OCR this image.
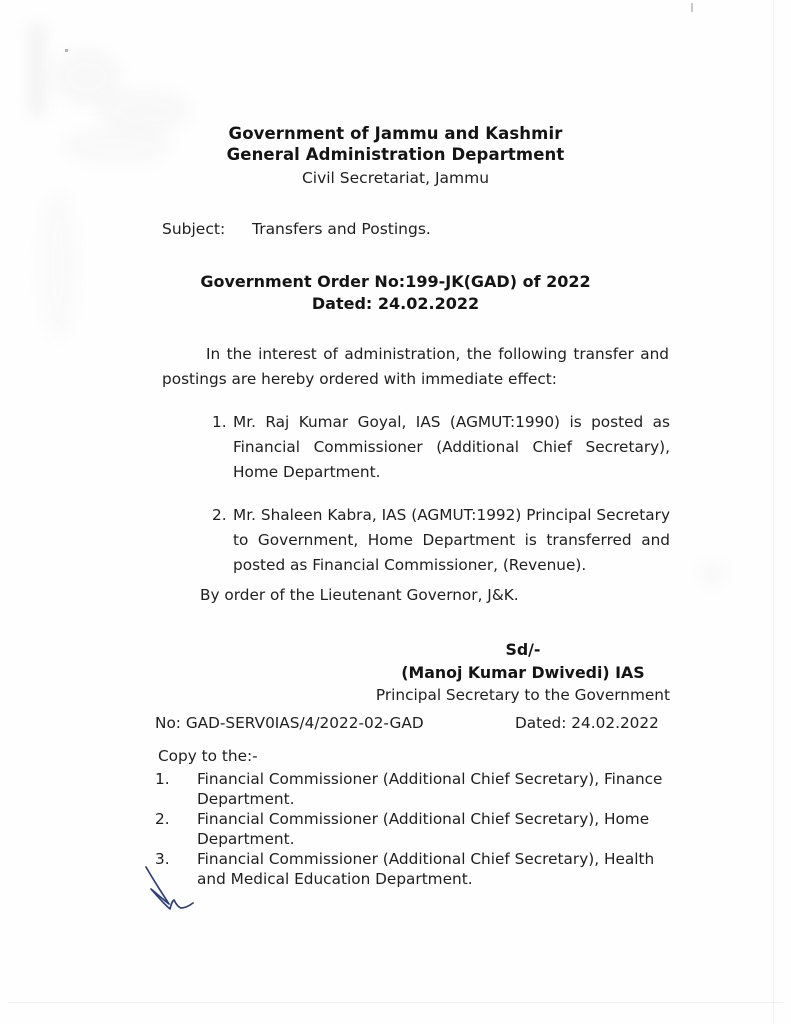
Government of Jammu and Kashmir
General Administration Department
Civil Secretariat, Jammu
Subject:	Transfers and Postings.
Government Order No:199-JK(GAD) of 2022
Dated: 24.02.2022
In the interest of administration, the following transfer and postings are hereby ordered with immediate effect:
1. Mr. Raj Kumar Goyal, IAS (AGMUT:1990) is posted as Financial Commissioner (Additional Chief Secretary), Home Department.
2. Mr. Shaleen Kabra, IAS (AGMUT:1992) Principal Secretary to Government, Home Department is transferred and posted as Financial Commissioner, (Revenue).
By order of the Lieutenant Governor, J&K.
Sd/-
(Manoj Kumar Dwivedi) IAS
Principal Secretary to the Government
No: GAD-SERV0IAS/4/2022-02-GAD	Dated: 24.02.2022
Copy to the:-
1.	Financial Commissioner (Additional Chief Secretary), Finance Department.
2.	Financial Commissioner (Additional Chief Secretary), Home Department.
3.	Financial Commissioner (Additional Chief Secretary), Health and Medical Education Department.
